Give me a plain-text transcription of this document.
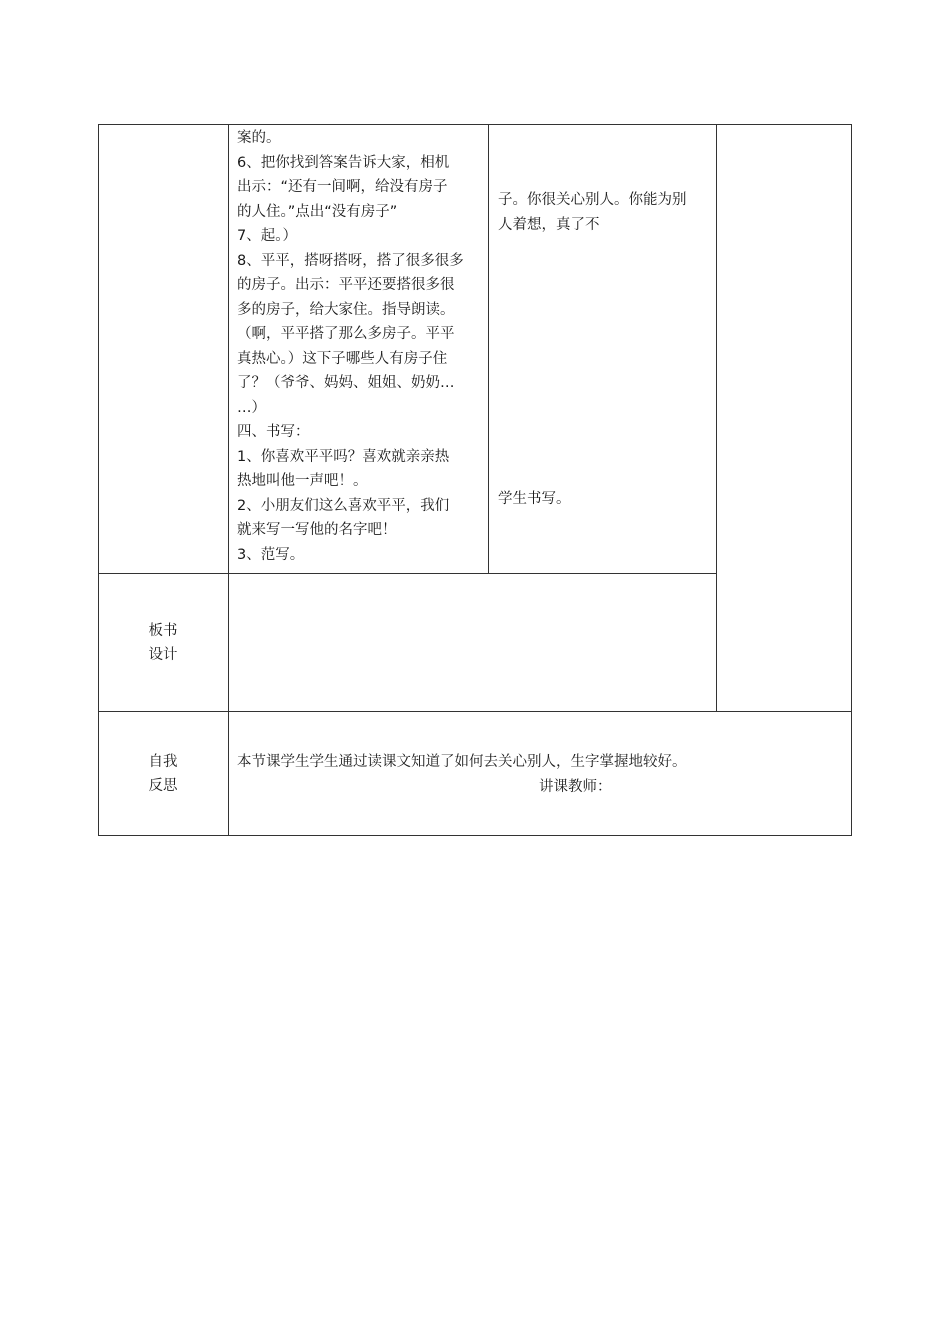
案的。
6、把你找到答案告诉大家，相机
出示：“还有一间啊，给没有房子
的人住。”点出“没有房子”
7、起。）
8、平平，搭呀搭呀，搭了很多很多
的房子。出示：平平还要搭很多很
多的房子，给大家住。指导朗读。
（啊，平平搭了那么多房子。平平
真热心。）这下子哪些人有房子住
了？（爷爷、妈妈、姐姐、奶奶…
…）
四、书写：
1、你喜欢平平吗？喜欢就亲亲热
热地叫他一声吧！。
2、小朋友们这么喜欢平平，我们
就来写一写他的名字吧！
3、范写。
子。你很关心别人。你能为别
人着想，真了不
学生书写。
板书
设计
自我
反思
本节课学生学生通过读课文知道了如何去关心别人，生字掌握地较好。
讲课教师：
